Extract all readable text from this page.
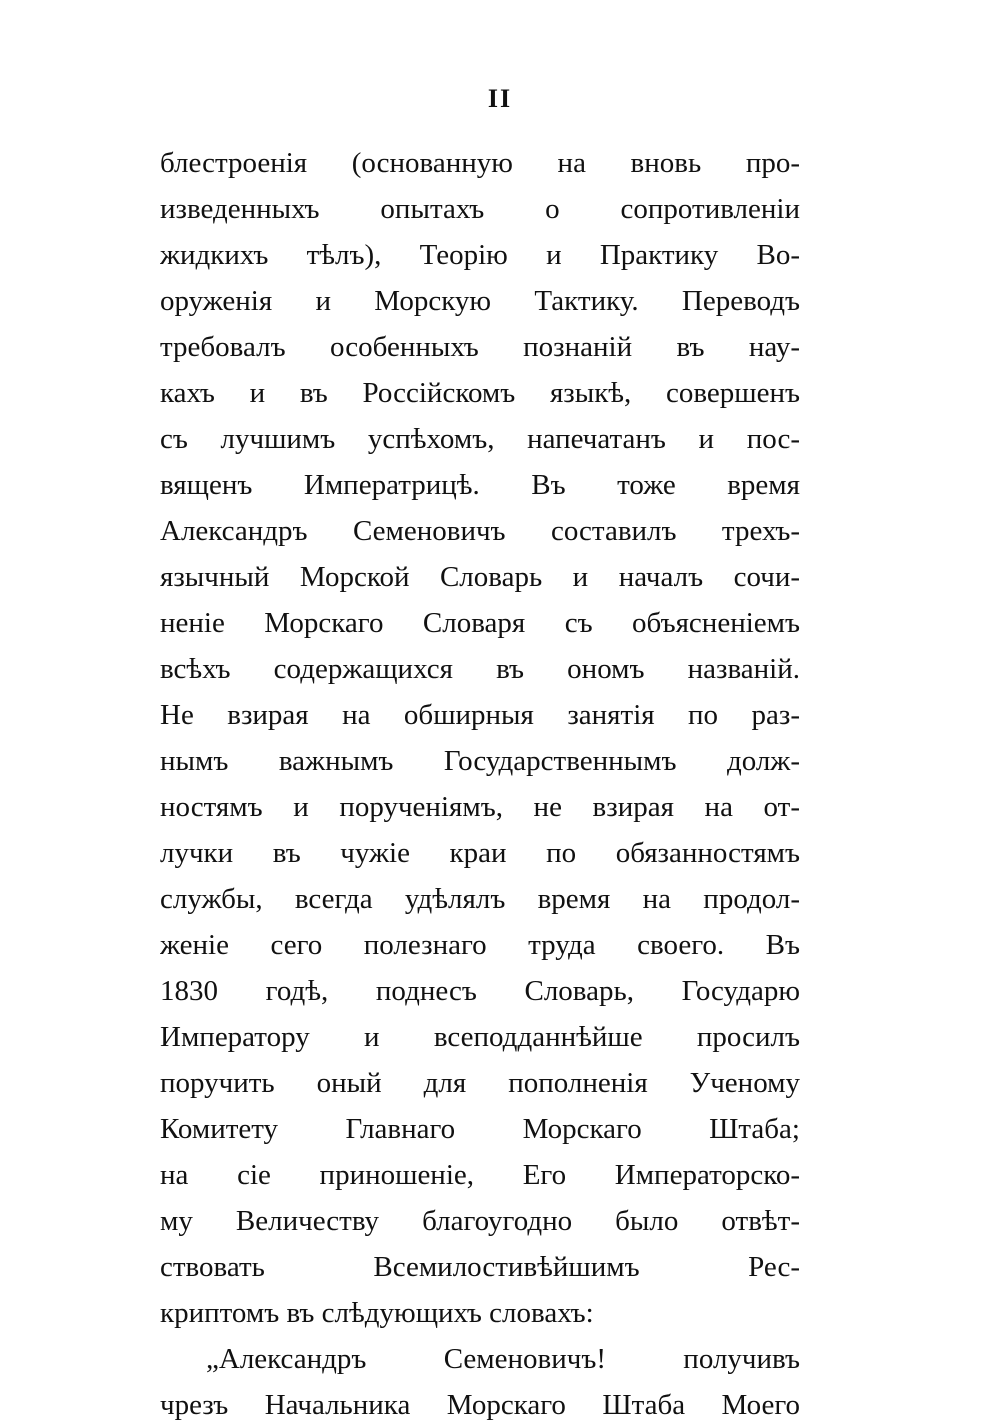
II
блестроенія (основанную на вновь про-
изведенныхъ опытахъ о сопротивленіи
жидкихъ тѣлъ), Теорію и Практику Во-
оруженія и Морскую Тактику. Переводъ
требовалъ особенныхъ познаній въ нау-
кахъ и въ Россійскомъ языкѣ, совершенъ
съ лучшимъ успѣхомъ, напечатанъ и пос-
вященъ Императрицѣ. Въ тоже время
Александръ Семеновичъ составилъ трехъ-
язычный Морской Словарь и началъ сочи-
неніе Морскаго Словаря съ объясненіемъ
всѣхъ содержащихся въ ономъ названій.
Не взирая на обширныя занятія по раз-
нымъ важнымъ Государственнымъ долж-
ностямъ и порученіямъ, не взирая на от-
лучки въ чужіе краи по обязанностямъ
службы, всегда удѣлялъ время на продол-
женіе сего полезнаго труда своего. Въ
1830 годѣ, поднесъ Словарь, Государю
Императору и всеподданнѣйше просилъ
поручить оный для пополненія Ученому
Комитету Главнаго Морскаго Штаба;
на сіе приношеніе, Его Императорско-
му Величеству благоугодно было отвѣт-
ствовать Всемилостивѣйшимъ Рес-
криптомъ въ слѣдующихъ словахъ:
„Александръ Семеновичъ! получивъ
чрезъ Начальника Морскаго Штаба Моего
